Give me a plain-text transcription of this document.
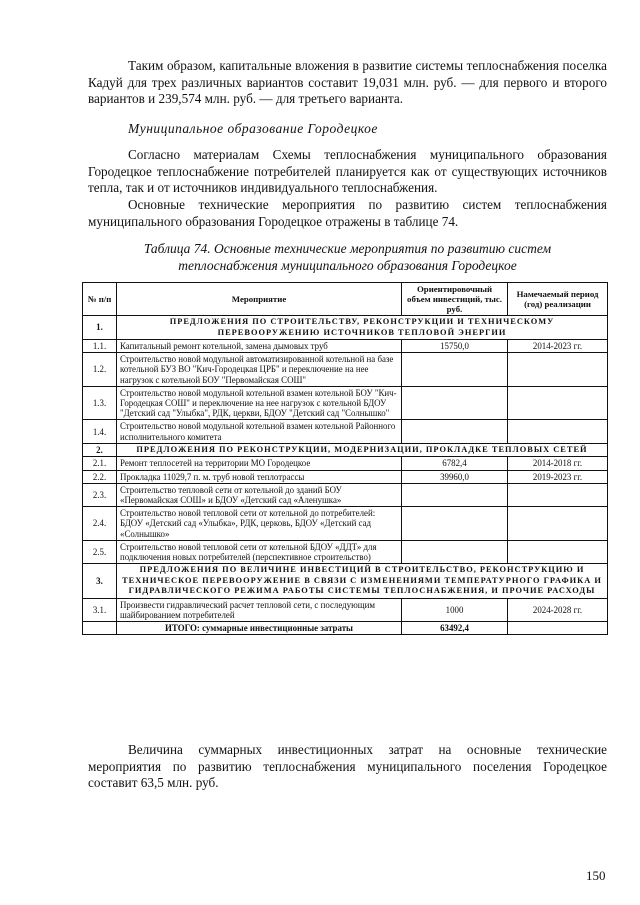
Таким образом, капитальные вложения в развитие системы теплоснабжения поселка Кадуй для трех различных вариантов составит 19,031 млн. руб. — для первого и второго вариантов и 239,574 млн. руб. — для третьего варианта.

Муниципальное образование Городецкое

Согласно материалам Схемы теплоснабжения муниципального образования Городецкое теплоснабжение потребителей планируется как от существующих источников тепла, так и от источников индивидуального теплоснабжения.

Основные технические мероприятия по развитию систем теплоснабжения муниципального образования Городецкое отражены в таблице 74.

Таблица 74. Основные технические мероприятия по развитию систем
теплоснабжения муниципального образования Городецкое
№ п/п	Мероприятие	Ориентировочный объем инвестиций, тыс. руб.	Намечаемый период (год) реализации
1.	ПРЕДЛОЖЕНИЯ ПО СТРОИТЕЛЬСТВУ, РЕКОНСТРУКЦИИ И ТЕХНИЧЕСКОМУ ПЕРЕВООРУЖЕНИЮ ИСТОЧНИКОВ ТЕПЛОВОЙ ЭНЕРГИИ		
1.1.	Капитальный ремонт котельной, замена дымовых труб	15750,0	2014-2023 гг.
1.2.	Строительство новой модульной автоматизированной котельной на базе котельной БУЗ ВО "Кич-Городецкая ЦРБ" и переключение на нее нагрузок с котельной БОУ "Первомайская СОШ"		
1.3.	Строительство новой модульной котельной взамен котельной БОУ "Кич-Городецкая СОШ" и переключение на нее нагрузок с котельной БДОУ "Детский сад "Улыбка", РДК, церкви, БДОУ "Детский сад "Солнышко"		
1.4.	Строительство новой модульной котельной взамен котельной Районного исполнительного комитета		
2.	ПРЕДЛОЖЕНИЯ ПО РЕКОНСТРУКЦИИ, МОДЕРНИЗАЦИИ, ПРОКЛАДКЕ ТЕПЛОВЫХ СЕТЕЙ		
2.1.	Ремонт теплосетей на территории МО Городецкое	6782,4	2014-2018 гг.
2.2.	Прокладка 11029,7 п. м. труб новой теплотрассы	39960,0	2019-2023 гг.
2.3.	Строительство тепловой сети от котельной до зданий БОУ «Первомайская СОШ» и БДОУ «Детский сад «Аленушка»		
2.4.	Строительство новой тепловой сети от котельной до потребителей: БДОУ «Детский сад «Улыбка», РДК, церковь, БДОУ «Детский сад «Солнышко»		
2.5.	Строительство новой тепловой сети от котельной БДОУ «ДДТ» для подключения новых потребителей (перспективное строительство)		
3.	ПРЕДЛОЖЕНИЯ ПО ВЕЛИЧИНЕ ИНВЕСТИЦИЙ В СТРОИТЕЛЬСТВО, РЕКОНСТРУКЦИЮ И ТЕХНИЧЕСКОЕ ПЕРЕВООРУЖЕНИЕ В СВЯЗИ С ИЗМЕНЕНИЯМИ ТЕМПЕРАТУРНОГО ГРАФИКА И ГИДРАВЛИЧЕСКОГО РЕЖИМА РАБОТЫ СИСТЕМЫ ТЕПЛОСНАБЖЕНИЯ, И ПРОЧИЕ РАСХОДЫ		
3.1.	Произвести гидравлический расчет тепловой сети, с последующим шайбированием потребителей	1000	2024-2028 гг.
	ИТОГО: суммарные инвестиционные затраты	63492,4	

Величина суммарных инвестиционных затрат на основные технические мероприятия по развитию теплоснабжения муниципального поселения Городецкое составит 63,5 млн. руб.

150
